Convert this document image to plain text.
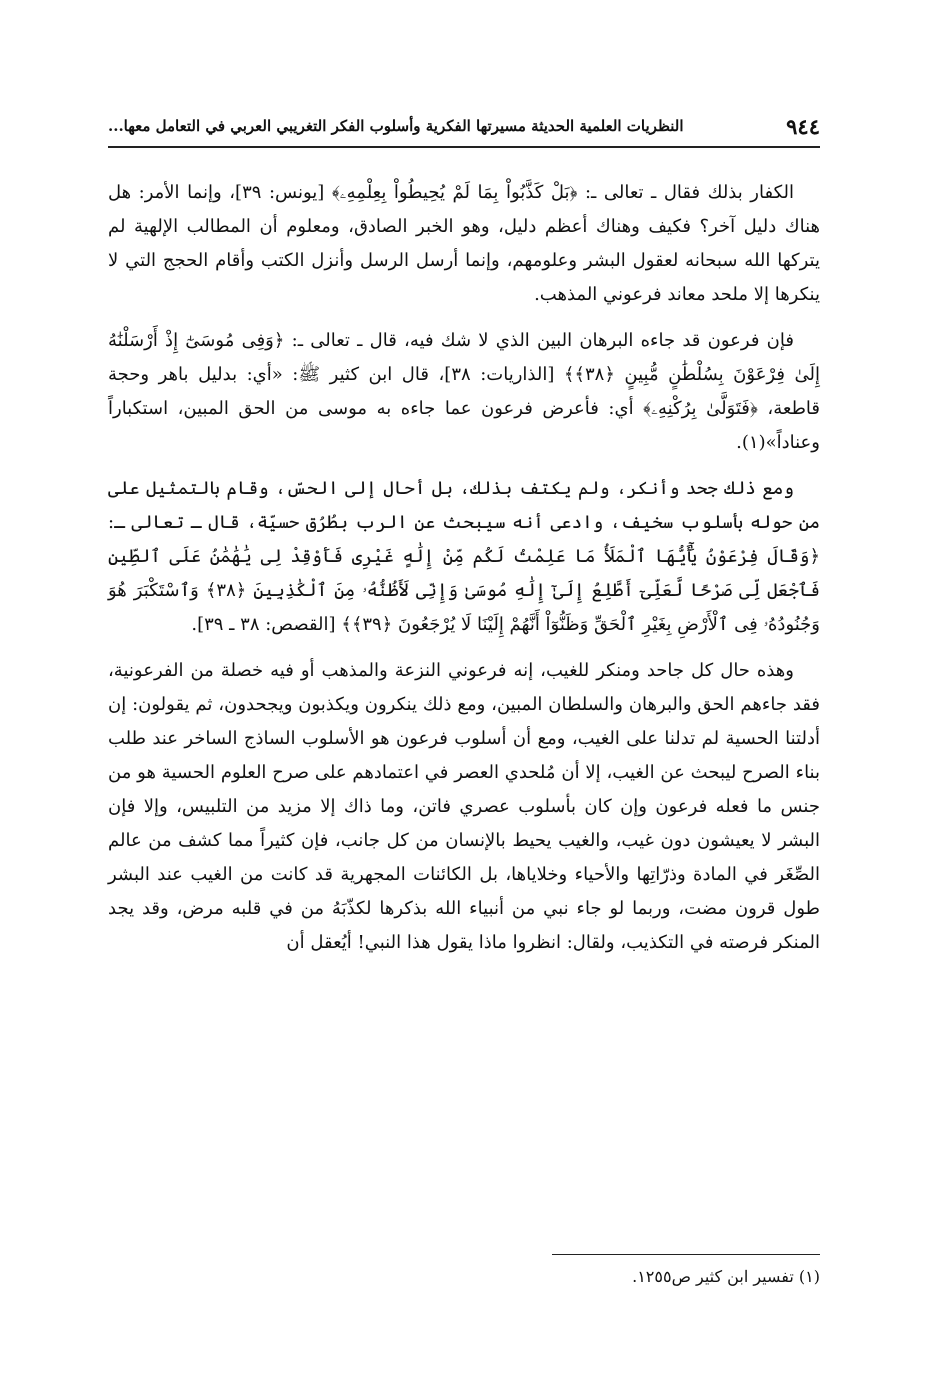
٩٤٤
النظريات العلمية الحديثة مسيرتها الفكرية وأسلوب الفكر التغريبي العربي في التعامل معها...

الكفار بذلك فقال ـ تعالى ـ: ﴿بَلْ كَذَّبُواْ بِمَا لَمْ يُحِيطُواْ بِعِلْمِهِۦ﴾ [يونس: ٣٩]، وإنما الأمر: هل هناك دليل آخر؟ فكيف وهناك أعظم دليل، وهو الخبر الصادق، ومعلوم أن المطالب الإلهية لم يتركها الله سبحانه لعقول البشر وعلومهم، وإنما أرسل الرسل وأنزل الكتب وأقام الحجج التي لا ينكرها إلا ملحد معاند فرعوني المذهب.

فإن فرعون قد جاءه البرهان البين الذي لا شك فيه، قال ـ تعالى ـ: ﴿وَفِى مُوسَىٰٓ إِذْ أَرْسَلْنَٰهُ إِلَىٰ فِرْعَوْنَ بِسُلْطَٰنٍ مُّبِينٍ ﴿٣٨﴾﴾ [الذاريات: ٣٨]، قال ابن كثير ﷺ: «أي: بدليل باهر وحجة قاطعة، ﴿فَتَوَلَّىٰ بِرُكْنِهِۦ﴾ أي: فأعرض فرعون عما جاءه به موسى من الحق المبين، استكباراً وعناداً»(١).

ومع ذلك جحد وأنكر، ولم يكتف بذلك، بل أحال إلى الحسّ، وقام بالتمثيل على من حوله بأسلوب سخيف، وادعى أنه سيبحث عن الرب بطُرُق حسيّة، قال ـ تعالى ـ: ﴿وَقَالَ فِرْعَوْنُ يَٰٓأَيُّهَا ٱلْمَلَأُ مَا عَلِمْتُ لَكُم مِّنْ إِلَٰهٍ غَيْرِى فَأَوْقِدْ لِى يَٰهَٰمَٰنُ عَلَى ٱلطِّينِ فَٱجْعَل لِّى صَرْحًا لَّعَلِّىٓ أَطَّلِعُ إِلَىٰٓ إِلَٰهِ مُوسَىٰ وَإِنِّى لَأَظُنُّهُۥ مِنَ ٱلْكَٰذِبِينَ ﴿٣٨﴾ وَٱسْتَكْبَرَ هُوَ وَجُنُودُهُۥ فِى ٱلْأَرْضِ بِغَيْرِ ٱلْحَقِّ وَظَنُّوٓاْ أَنَّهُمْ إِلَيْنَا لَا يُرْجَعُونَ ﴿٣٩﴾﴾ [القصص: ٣٨ ـ ٣٩].

وهذه حال كل جاحد ومنكر للغيب، إنه فرعوني النزعة والمذهب أو فيه خصلة من الفرعونية، فقد جاءهم الحق والبرهان والسلطان المبين، ومع ذلك ينكرون ويكذبون ويجحدون، ثم يقولون: إن أدلتنا الحسية لم تدلنا على الغيب، ومع أن أسلوب فرعون هو الأسلوب الساذج الساخر عند طلب بناء الصرح ليبحث عن الغيب، إلا أن مُلحدي العصر في اعتمادهم على صرح العلوم الحسية هو من جنس ما فعله فرعون وإن كان بأسلوب عصري فاتن، وما ذاك إلا مزيد من التلبيس، وإلا فإن البشر لا يعيشون دون غيب، والغيب يحيط بالإنسان من كل جانب، فإن كثيراً مما كشف من عالم الصِّغَر في المادة وذرّاتِها والأحياء وخلاياها، بل الكائنات المجهرية قد كانت من الغيب عند البشر طول قرون مضت، وربما لو جاء نبي من أنبياء الله بذكرها لكذّبَهُ من في قلبه مرض، وقد يجد المنكر فرصته في التكذيب، ولقال: انظروا ماذا يقول هذا النبي! أيُعقل أن

(١) تفسير ابن كثير ص١٢٥٥.
